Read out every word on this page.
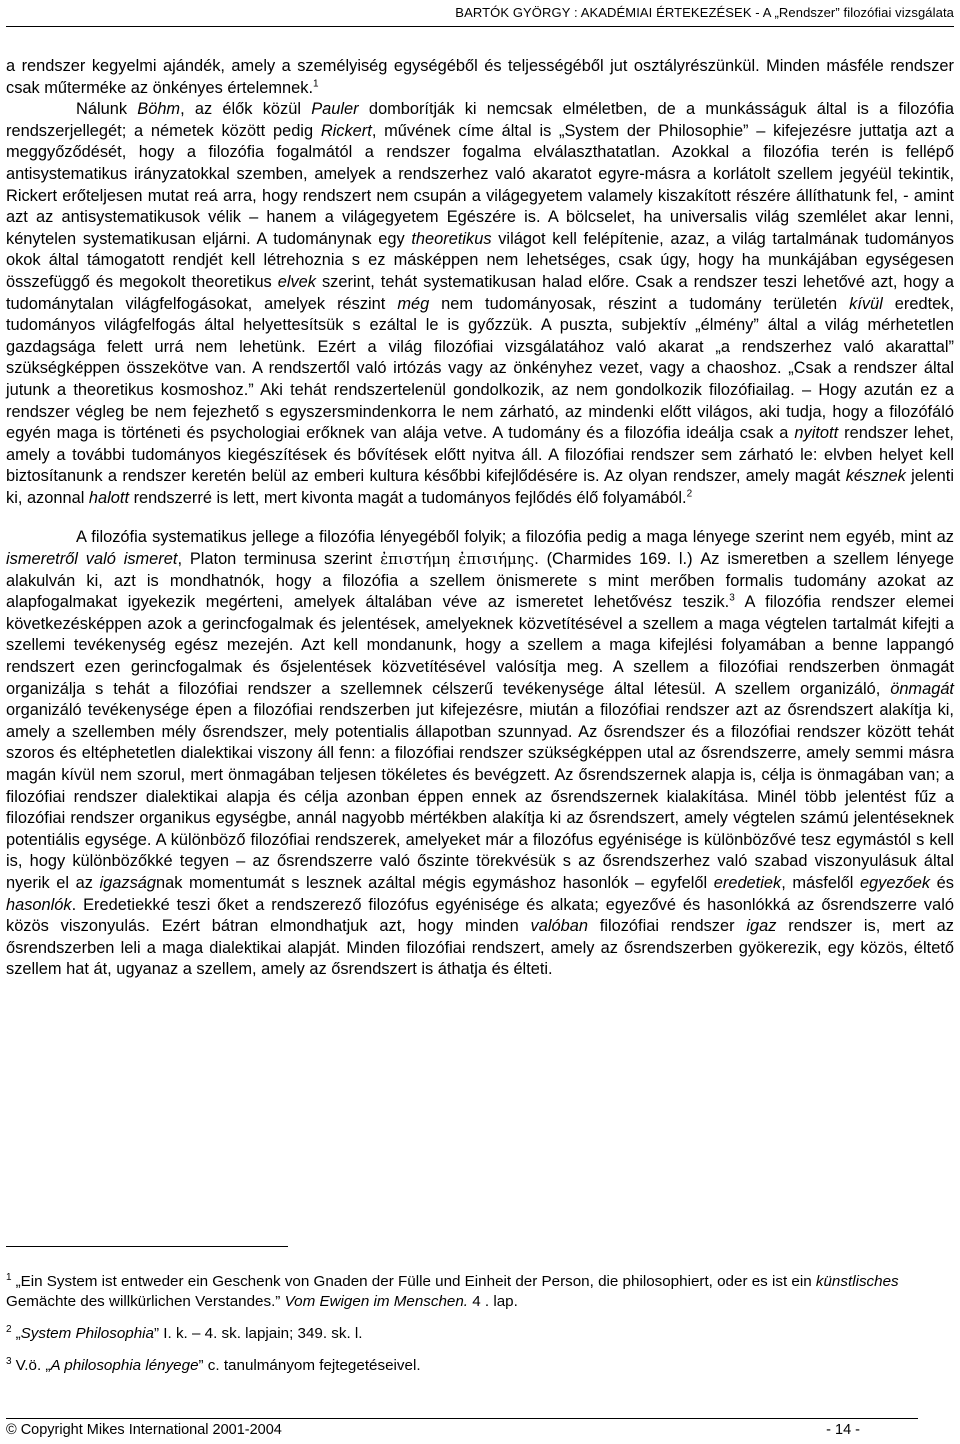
BARTÓK GYÖRGY : AKADÉMIAI ÉRTEKEZÉSEK - A „Rendszer” filozófiai vizsgálata

a rendszer kegyelmi ajándék, amely a személyiség egységéből és teljességéből jut osztályrészünkül. Minden másféle rendszer csak műterméke az önkényes értelemnek.$^1$

Nálunk Böhm, az élők közül Pauler domborítják ki nemcsak elméletben, de a munkásságuk által is a filozófia rendszerjellegét; a németek között pedig Rickert, művének címe által is „System der Philosophie” – kifejezésre juttatja azt a meggyőződését, hogy a filozófia fogalmától a rendszer fogalma elválaszthatatlan. Azokkal a filozófia terén is fellépő antisystematikus irányzatokkal szemben, amelyek a rendszerhez való akaratot egyre-másra a korlátolt szellem jegyéül tekintik, Rickert erőteljesen mutat reá arra, hogy rendszert nem csupán a világegyetem valamely kiszakított részére állíthatunk fel, - amint azt az antisystematikusok vélik – hanem a világegyetem Egészére is. A bölcselet, ha universalis világ szemlélet akar lenni, kénytelen systematikusan eljárni. A tudománynak egy theoretikus világot kell felépítenie, azaz, a világ tartalmának tudományos okok által támogatott rendjét kell létrehoznia s ez másképpen nem lehetséges, csak úgy, hogy ha munkájában egységesen összefüggő és megokolt theoretikus elvek szerint, tehát systematikusan halad előre. Csak a rendszer teszi lehetővé azt, hogy a tudománytalan világfelfogásokat, amelyek részint még nem tudományosak, részint a tudomány területén kívül eredtek, tudományos világfelfogás által helyettesítsük s ezáltal le is győzzük. A puszta, subjektív „élmény” által a világ mérhetetlen gazdagsága felett urrá nem lehetünk. Ezért a világ filozófiai vizsgálatához való akarat „a rendszerhez való akarattal” szükségképpen összekötve van. A rendszertől való irtózás vagy az önkényhez vezet, vagy a chaoshoz. „Csak a rendszer által jutunk a theoretikus kosmoshoz.” Aki tehát rendszertelenül gondolkozik, az nem gondolkozik filozófiailag. – Hogy azután ez a rendszer végleg be nem fejezhető s egyszersmindenkorra le nem zárható, az mindenki előtt világos, aki tudja, hogy a filozófáló egyén maga is történeti és psychologiai erőknek van alája vetve. A tudomány és a filozófia ideálja csak a nyitott rendszer lehet, amely a további tudományos kiegészítések és bővítések előtt nyitva áll. A filozófiai rendszer sem zárható le: elvben helyet kell biztosítanunk a rendszer keretén belül az emberi kultura későbbi kifejlődésére is. Az olyan rendszer, amely magát késznek jelenti ki, azonnal halott rendszerré is lett, mert kivonta magát a tudományos fejlődés élő folyamából.$^2$

A filozófia systematikus jellege a filozófia lényegéből folyik; a filozófia pedig a maga lényege szerint nem egyéb, mint az ismeretről való ismeret, Platon terminusa szerint ἐπιστήμη ἐπισιήμης. (Charmides 169. l.) Az ismeretben a szellem lényege alakulván ki, azt is mondhatnók, hogy a filozófia a szellem önismerete s mint merőben formalis tudomány azokat az alapfogalmakat igyekezik megérteni, amelyek általában véve az ismeretet lehetővész teszik.$^3$ A filozófia rendszer elemei következésképpen azok a gerincfogalmak és jelentések, amelyeknek közvetítésével a szellem a maga végtelen tartalmát kifejti a szellemi tevékenység egész mezején. Azt kell mondanunk, hogy a szellem a maga kifejlési folyamában a benne lappangó rendszert ezen gerincfogalmak és ősjelentések közvetítésével valósítja meg. A szellem a filozófiai rendszerben önmagát organizálja s tehát a filozófiai rendszer a szellemnek célszerű tevékenysége által létesül. A szellem organizáló, önmagát organizáló tevékenysége épen a filozófiai rendszerben jut kifejezésre, miután a filozófiai rendszer azt az ősrendszert alakítja ki, amely a szellemben mély ősrendszer, mely potentialis állapotban szunnyad. Az ősrendszer és a filozófiai rendszer között tehát szoros és eltéphetetlen dialektikai viszony áll fenn: a filozófiai rendszer szükségképpen utal az ősrendszerre, amely semmi másra magán kívül nem szorul, mert önmagában teljesen tökéletes és bevégzett. Az ősrendszernek alapja is, célja is önmagában van; a filozófiai rendszer dialektikai alapja és célja azonban éppen ennek az ősrendszernek kialakítása. Minél több jelentést fűz a filozófiai rendszer organikus egységbe, annál nagyobb mértékben alakítja ki az ősrendszert, amely végtelen számú jelentéseknek potentiális egysége. A különböző filozófiai rendszerek, amelyeket már a filozófus egyénisége is különbözővé tesz egymástól s kell is, hogy különbözőkké tegyen – az ősrendszerre való őszinte törekvésük s az ősrendszerhez való szabad viszonyulásuk által nyerik el az igazságnak momentumát s lesznek azáltal mégis egymáshoz hasonlók – egyfelől eredetiek, másfelől egyezőek és hasonlók. Eredetiekké teszi őket a rendszerező filozófus egyénisége és alkata; egyezővé és hasonlókká az ősrendszerre való közös viszonyulás. Ezért bátran elmondhatjuk azt, hogy minden valóban filozófiai rendszer igaz rendszer is, mert az ősrendszerben leli a maga dialektikai alapját. Minden filozófiai rendszert, amely az ősrendszerben gyökerezik, egy közös, éltető szellem hat át, ugyanaz a szellem, amely az ősrendszert is áthatja és élteti.

$^1$ „Ein System ist entweder ein Geschenk von Gnaden der Fülle und Einheit der Person, die philosophiert, oder es ist ein künstlisches Gemächte des willkürlichen Verstandes.” Vom Ewigen im Menschen. 4 . lap.

$^2$ „System Philosophia” I. k. – 4. sk. lapjain; 349. sk. l.

$^3$ V.ö. „A philosophia lényege” c. tanulmányom fejtegetéseivel.

© Copyright Mikes International 2001-2004	- 14 -
